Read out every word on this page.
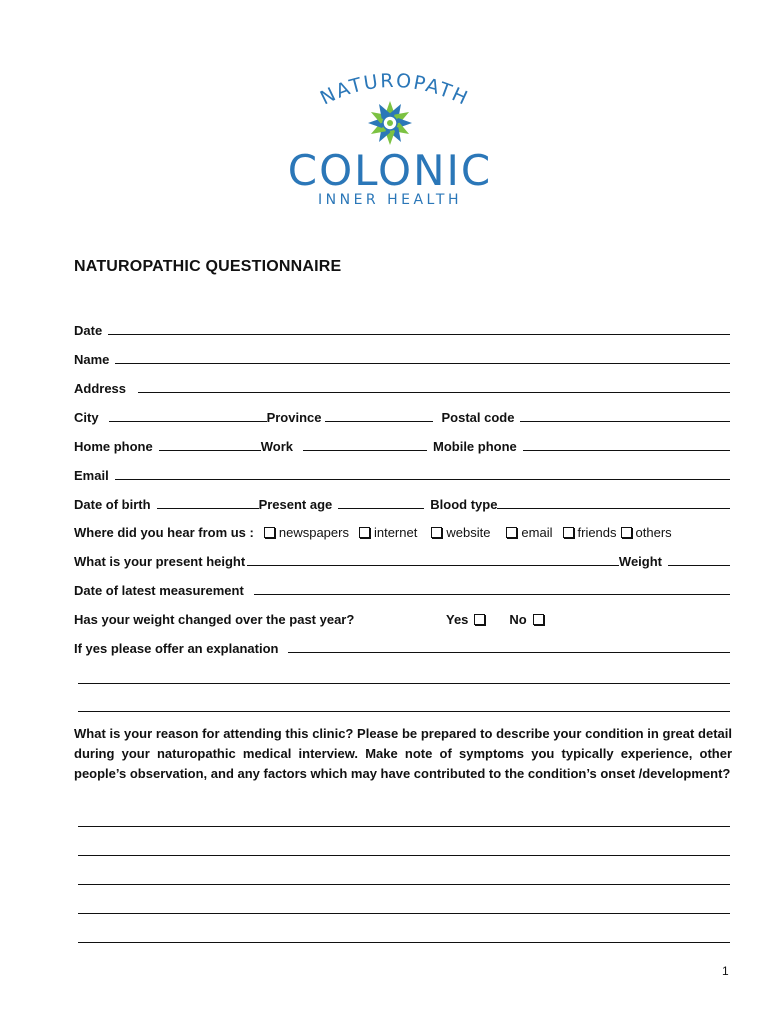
NATUROPATH
COLONIC
INNER HEALTH
NATUROPATHIC QUESTIONNAIRE
Date
Name
Address
City	Province	Postal code
Home phone	Work	Mobile phone
Email
Date of birth	Present age	Blood type
Where did you hear from us :	newspapers internet website email friends others
What is your present height	Weight
Date of latest measurement
Has your weight changed over the past year?	Yes	No
If yes please offer an explanation
What is your reason for attending this clinic? Please be prepared to describe your condition in great detail during your naturopathic medical interview. Make note of symptoms you typically experience, other people’s observation, and any factors which may have contributed to the condition’s onset /development?
1
